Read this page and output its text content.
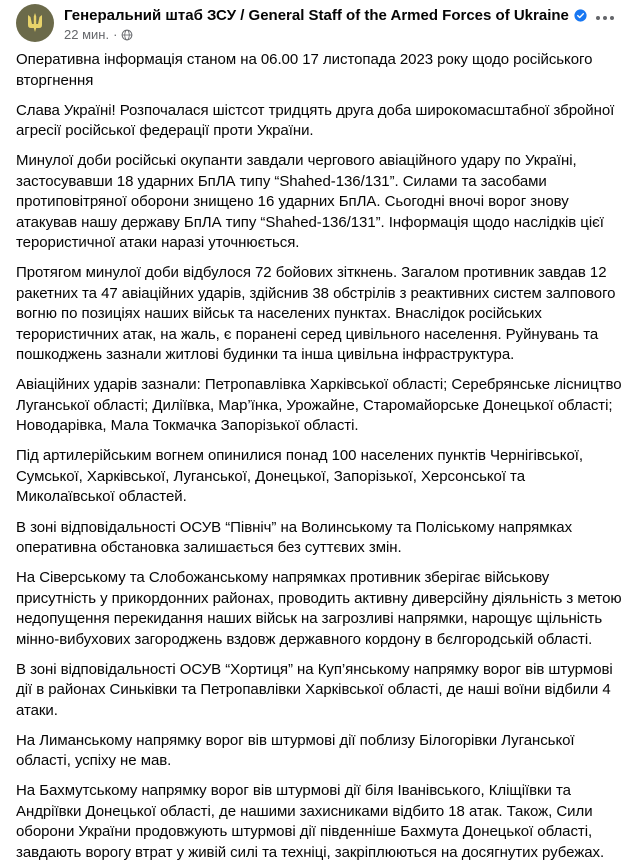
Генеральний штаб ЗСУ / General Staff of the Armed Forces of Ukraine
22 мин. ·

Оперативна інформація станом на 06.00 17 листопада 2023 року щодо російського вторгнення

Слава Україні! Розпочалася шістсот тридцять друга доба широкомасштабної збройної агресії російської федерації проти України.

Минулої доби російські окупанти завдали чергового авіаційного удару по Україні, застосувавши 18 ударних БпЛА типу “Shahed-136/131”. Силами та засобами протиповітряної оборони знищено 16 ударних БпЛА. Сьогодні вночі ворог знову атакував нашу державу БпЛА типу “Shahed-136/131”. Інформація щодо наслідків цієї терористичної атаки наразі уточнюється.

Протягом минулої доби відбулося 72 бойових зіткнень. Загалом противник завдав 12 ракетних та 47 авіаційних ударів, здійснив 38 обстрілів з реактивних систем залпового вогню по позиціях наших військ та населених пунктах. Внаслідок російських терористичних атак, на жаль, є поранені серед цивільного населення. Руйнувань та пошкоджень зазнали житлові будинки та інша цивільна інфраструктура.

Авіаційних ударів зазнали: Петропавлівка Харківської області; Серебрянське лісництво Луганської області; Диліївка, Мар’їнка, Урожайне, Старомайорське Донецької області; Новодарівка, Мала Токмачка Запорізької області.

Під артилерійським вогнем опинилися понад 100 населених пунктів Чернігівської, Сумської, Харківської, Луганської, Донецької, Запорізької, Херсонської та Миколаївської областей.

В зоні відповідальності ОСУВ “Північ” на Волинському та Поліському напрямках оперативна обстановка залишається без суттєвих змін.

На Сіверському та Слобожанському напрямках противник зберігає військову присутність у прикордонних районах, проводить активну диверсійну діяльність з метою недопущення перекидання наших військ на загрозливі напрямки, нарощує щільність мінно-вибухових загороджень вздовж державного кордону в бєлгородській області.

В зоні відповідальності ОСУВ “Хортиця” на Куп’янському напрямку ворог вів штурмові дії в районах Синьківки та Петропавлівки Харківської області, де наші воїни відбили 4 атаки.

На Лиманському напрямку ворог вів штурмові дії поблизу Білогорівки Луганської області, успіху не мав.

На Бахмутському напрямку ворог вів штурмові дії біля Іванівського, Кліщіївки та Андріївки Донецької області, де нашими захисниками відбито 18 атак. Також, Сили оборони України продовжують штурмові дії південніше Бахмута Донецької області, завдають ворогу втрат у живій силі та техніці, закріплюються на досягнутих рубежах.
